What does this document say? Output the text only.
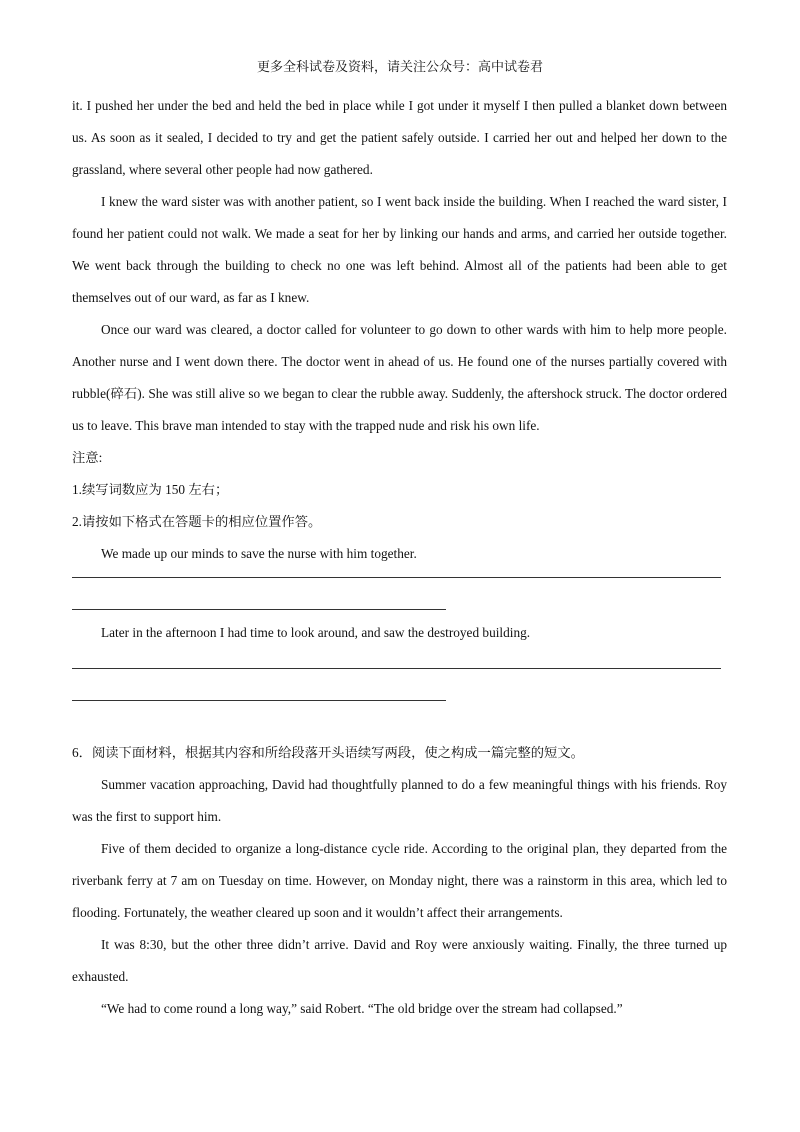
更多全科试卷及资料，请关注公众号：高中试卷君

it. I pushed her under the bed and held the bed in place while I got under it myself I then pulled a blanket down between us. As soon as it sealed, I decided to try and get the patient safely outside. I carried her out and helped her down to the grassland, where several other people had now gathered.

I knew the ward sister was with another patient, so I went back inside the building. When I reached the ward sister, I found her patient could not walk. We made a seat for her by linking our hands and arms, and carried her outside together. We went back through the building to check no one was left behind. Almost all of the patients had been able to get themselves out of our ward, as far as I knew.

Once our ward was cleared, a doctor called for volunteer to go down to other wards with him to help more people. Another nurse and I went down there. The doctor went in ahead of us. He found one of the nurses partially covered with rubble(碎石). She was still alive so we began to clear the rubble away. Suddenly, the aftershock struck. The doctor ordered us to leave. This brave man intended to stay with the trapped nude and risk his own life.

注意:

1.续写词数应为 150 左右；

2.请按如下格式在答题卡的相应位置作答。

We made up our minds to save the nurse with him together.

Later in the afternoon I had time to look around, and saw the destroyed building.

6．阅读下面材料，根据其内容和所给段落开头语续写两段，使之构成一篇完整的短文。

Summer vacation approaching, David had thoughtfully planned to do a few meaningful things with his friends. Roy was the first to support him.

Five of them decided to organize a long-distance cycle ride. According to the original plan, they departed from the riverbank ferry at 7 am on Tuesday on time. However, on Monday night, there was a rainstorm in this area, which led to flooding. Fortunately, the weather cleared up soon and it wouldn’t affect their arrangements.

It was 8:30, but the other three didn’t arrive. David and Roy were anxiously waiting. Finally, the three turned up exhausted.

“We had to come round a long way,” said Robert. “The old bridge over the stream had collapsed.”
